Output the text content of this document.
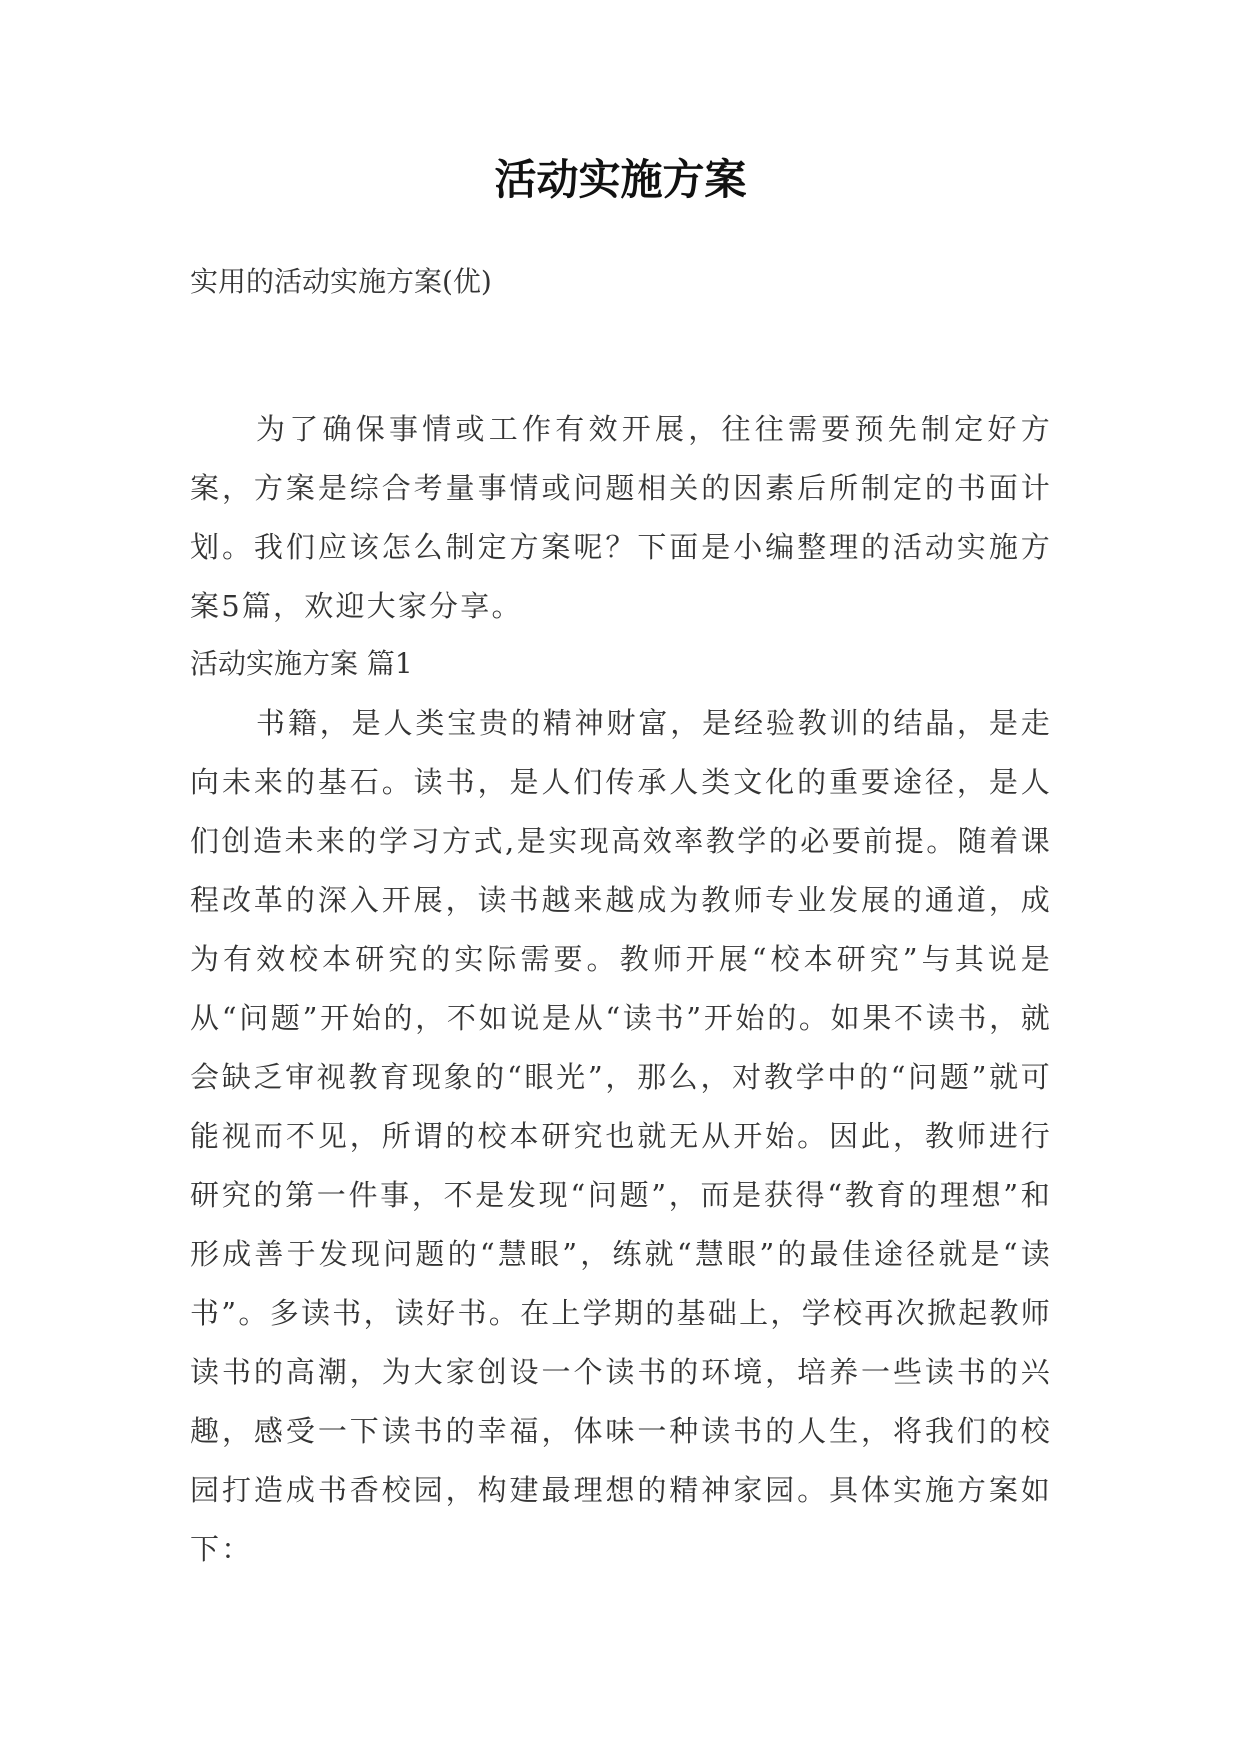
活动实施方案

实用的活动实施方案(优)

为了确保事情或工作有效开展，往往需要预先制定好方案，方案是综合考量事情或问题相关的因素后所制定的书面计划。我们应该怎么制定方案呢？下面是小编整理的活动实施方案5篇，欢迎大家分享。

活动实施方案 篇1

书籍，是人类宝贵的精神财富，是经验教训的结晶，是走向未来的基石。读书，是人们传承人类文化的重要途径，是人们创造未来的学习方式,是实现高效率教学的必要前提。随着课程改革的深入开展，读书越来越成为教师专业发展的通道，成为有效校本研究的实际需要。教师开展“校本研究”与其说是从“问题”开始的，不如说是从“读书”开始的。如果不读书，就会缺乏审视教育现象的“眼光”，那么，对教学中的“问题”就可能视而不见，所谓的校本研究也就无从开始。因此，教师进行研究的第一件事，不是发现“问题”，而是获得“教育的理想”和形成善于发现问题的“慧眼”，练就“慧眼”的最佳途径就是“读书”。多读书，读好书。在上学期的基础上，学校再次掀起教师读书的高潮，为大家创设一个读书的环境，培养一些读书的兴趣，感受一下读书的幸福，体味一种读书的人生，将我们的校园打造成书香校园，构建最理想的精神家园。具体实施方案如下：
